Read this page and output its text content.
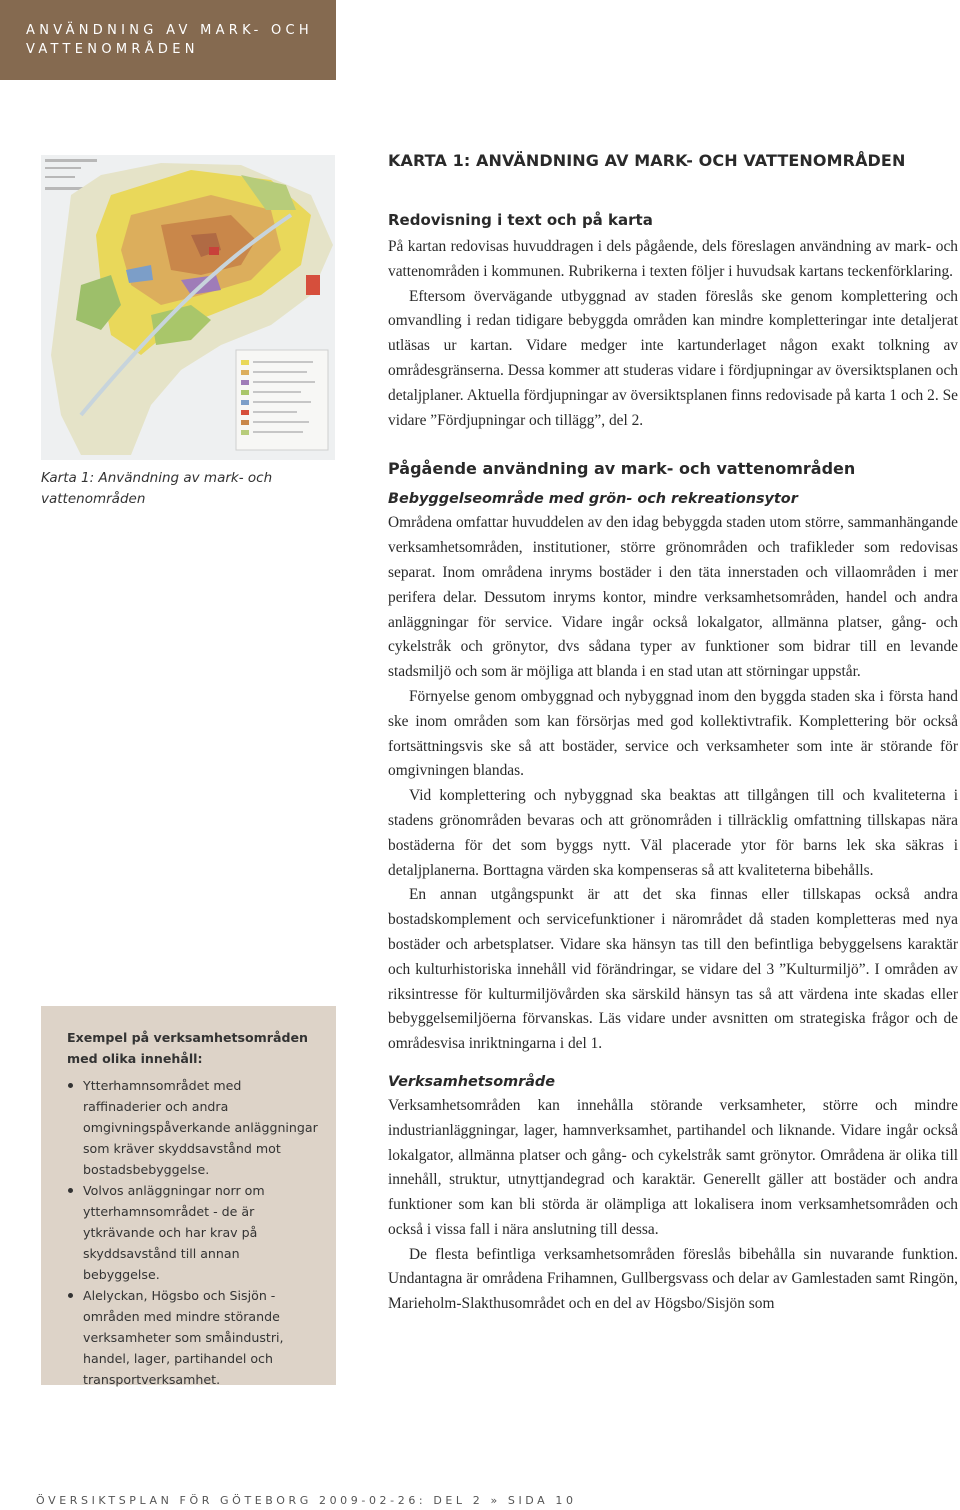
ANVÄNDNING AV MARK- OCH
VATTENOMRÅDEN
Karta 1: Användning av mark- och vattenområden
Exempel på verksamhetsområden med olika innehåll:
Ytterhamnsområdet med raffinaderier och andra omgivningspåverkande anläggningar som kräver skyddsavstånd mot bostadsbebyggelse.
Volvos anläggningar norr om ytterhamnsområdet - de är ytkrävande och har krav på skyddsavstånd till annan bebyggelse.
Alelyckan, Högsbo och Sisjön - områden med mindre störande verksamheter som småindustri, handel, lager, partihandel och transportverksamhet.
KARTA 1: ANVÄNDNING AV MARK- OCH VATTENOMRÅDEN
Redovisning i text och på karta

På kartan redovisas huvuddragen i dels pågående, dels föreslagen användning av mark- och vattenområden i kommunen. Rubrikerna i texten följer i huvudsak kartans teckenförklaring.

Eftersom övervägande utbyggnad av staden föreslås ske genom komplettering och omvandling i redan tidigare bebyggda områden kan mindre kompletteringar inte detaljerat utläsas ur kartan. Vidare medger inte kartunderlaget någon exakt tolkning av områdesgränserna. Dessa kommer att studeras vidare i fördjupningar av översiktsplanen och detaljplaner. Aktuella fördjupningar av översiktsplanen finns redovisade på karta 1 och 2. Se vidare ”Fördjupningar och tillägg”, del 2.

Pågående användning av mark- och vattenområden
Bebyggelseområde med grön- och rekreationsytor

Områdena omfattar huvuddelen av den idag bebyggda staden utom större, sammanhängande verksamhetsområden, institutioner, större grönområden och trafikleder som redovisas separat. Inom områdena inryms bostäder i den täta innerstaden och villaområden i mer perifera delar. Dessutom inryms kontor, mindre verksamhetsområden, handel och andra anläggningar för service. Vidare ingår också lokalgator, allmänna platser, gång- och cykelstråk och grönytor, dvs sådana typer av funktioner som bidrar till en levande stadsmiljö och som är möjliga att blanda i en stad utan att störningar uppstår.

Förnyelse genom ombyggnad och nybyggnad inom den byggda staden ska i första hand ske inom områden som kan försörjas med god kollektivtrafik. Komplettering bör också fortsättningsvis ske så att bostäder, service och verksamheter som inte är störande för omgivningen blandas.

Vid komplettering och nybyggnad ska beaktas att tillgången till och kvaliteterna i stadens grönområden bevaras och att grönområden i tillräcklig omfattning tillskapas nära bostäderna för det som byggs nytt. Väl placerade ytor för barns lek ska säkras i detaljplanerna. Borttagna värden ska kompenseras så att kvaliteterna bibehålls.

En annan utgångspunkt är att det ska finnas eller tillskapas också andra bostadskomplement och servicefunktioner i närområdet då staden kompletteras med nya bostäder och arbetsplatser. Vidare ska hänsyn tas till den befintliga bebyggelsens karaktär och kulturhistoriska innehåll vid förändringar, se vidare del 3 ”Kulturmiljö”. I områden av riksintresse för kulturmiljövården ska särskild hänsyn tas så att värdena inte skadas eller bebyggelsemiljöerna förvanskas. Läs vidare under avsnitten om strategiska frågor och de områdesvisa inriktningarna i del 1.

Verksamhetsområde

Verksamhetsområden kan innehålla störande verksamheter, större och mindre industrianläggningar, lager, hamnverksamhet, partihandel och liknande. Vidare ingår också lokalgator, allmänna platser och gång- och cykelstråk samt grönytor. Områdena är olika till innehåll, struktur, utnyttjandegrad och karaktär. Generellt gäller att bostäder och andra funktioner som kan bli störda är olämpliga att lokalisera inom verksamhetsområden och också i vissa fall i nära anslutning till dessa.

De flesta befintliga verksamhetsområden föreslås bibehålla sin nuvarande funktion. Undantagna är områdena Frihamnen, Gullbergsvass och delar av Gamlestaden samt Ringön, Marieholm-Slakthusområdet och en del av Högsbo/Sisjön som

ÖVERSIKTSPLAN FÖR GÖTEBORG 2009-02-26: DEL 2 » SIDA 10
